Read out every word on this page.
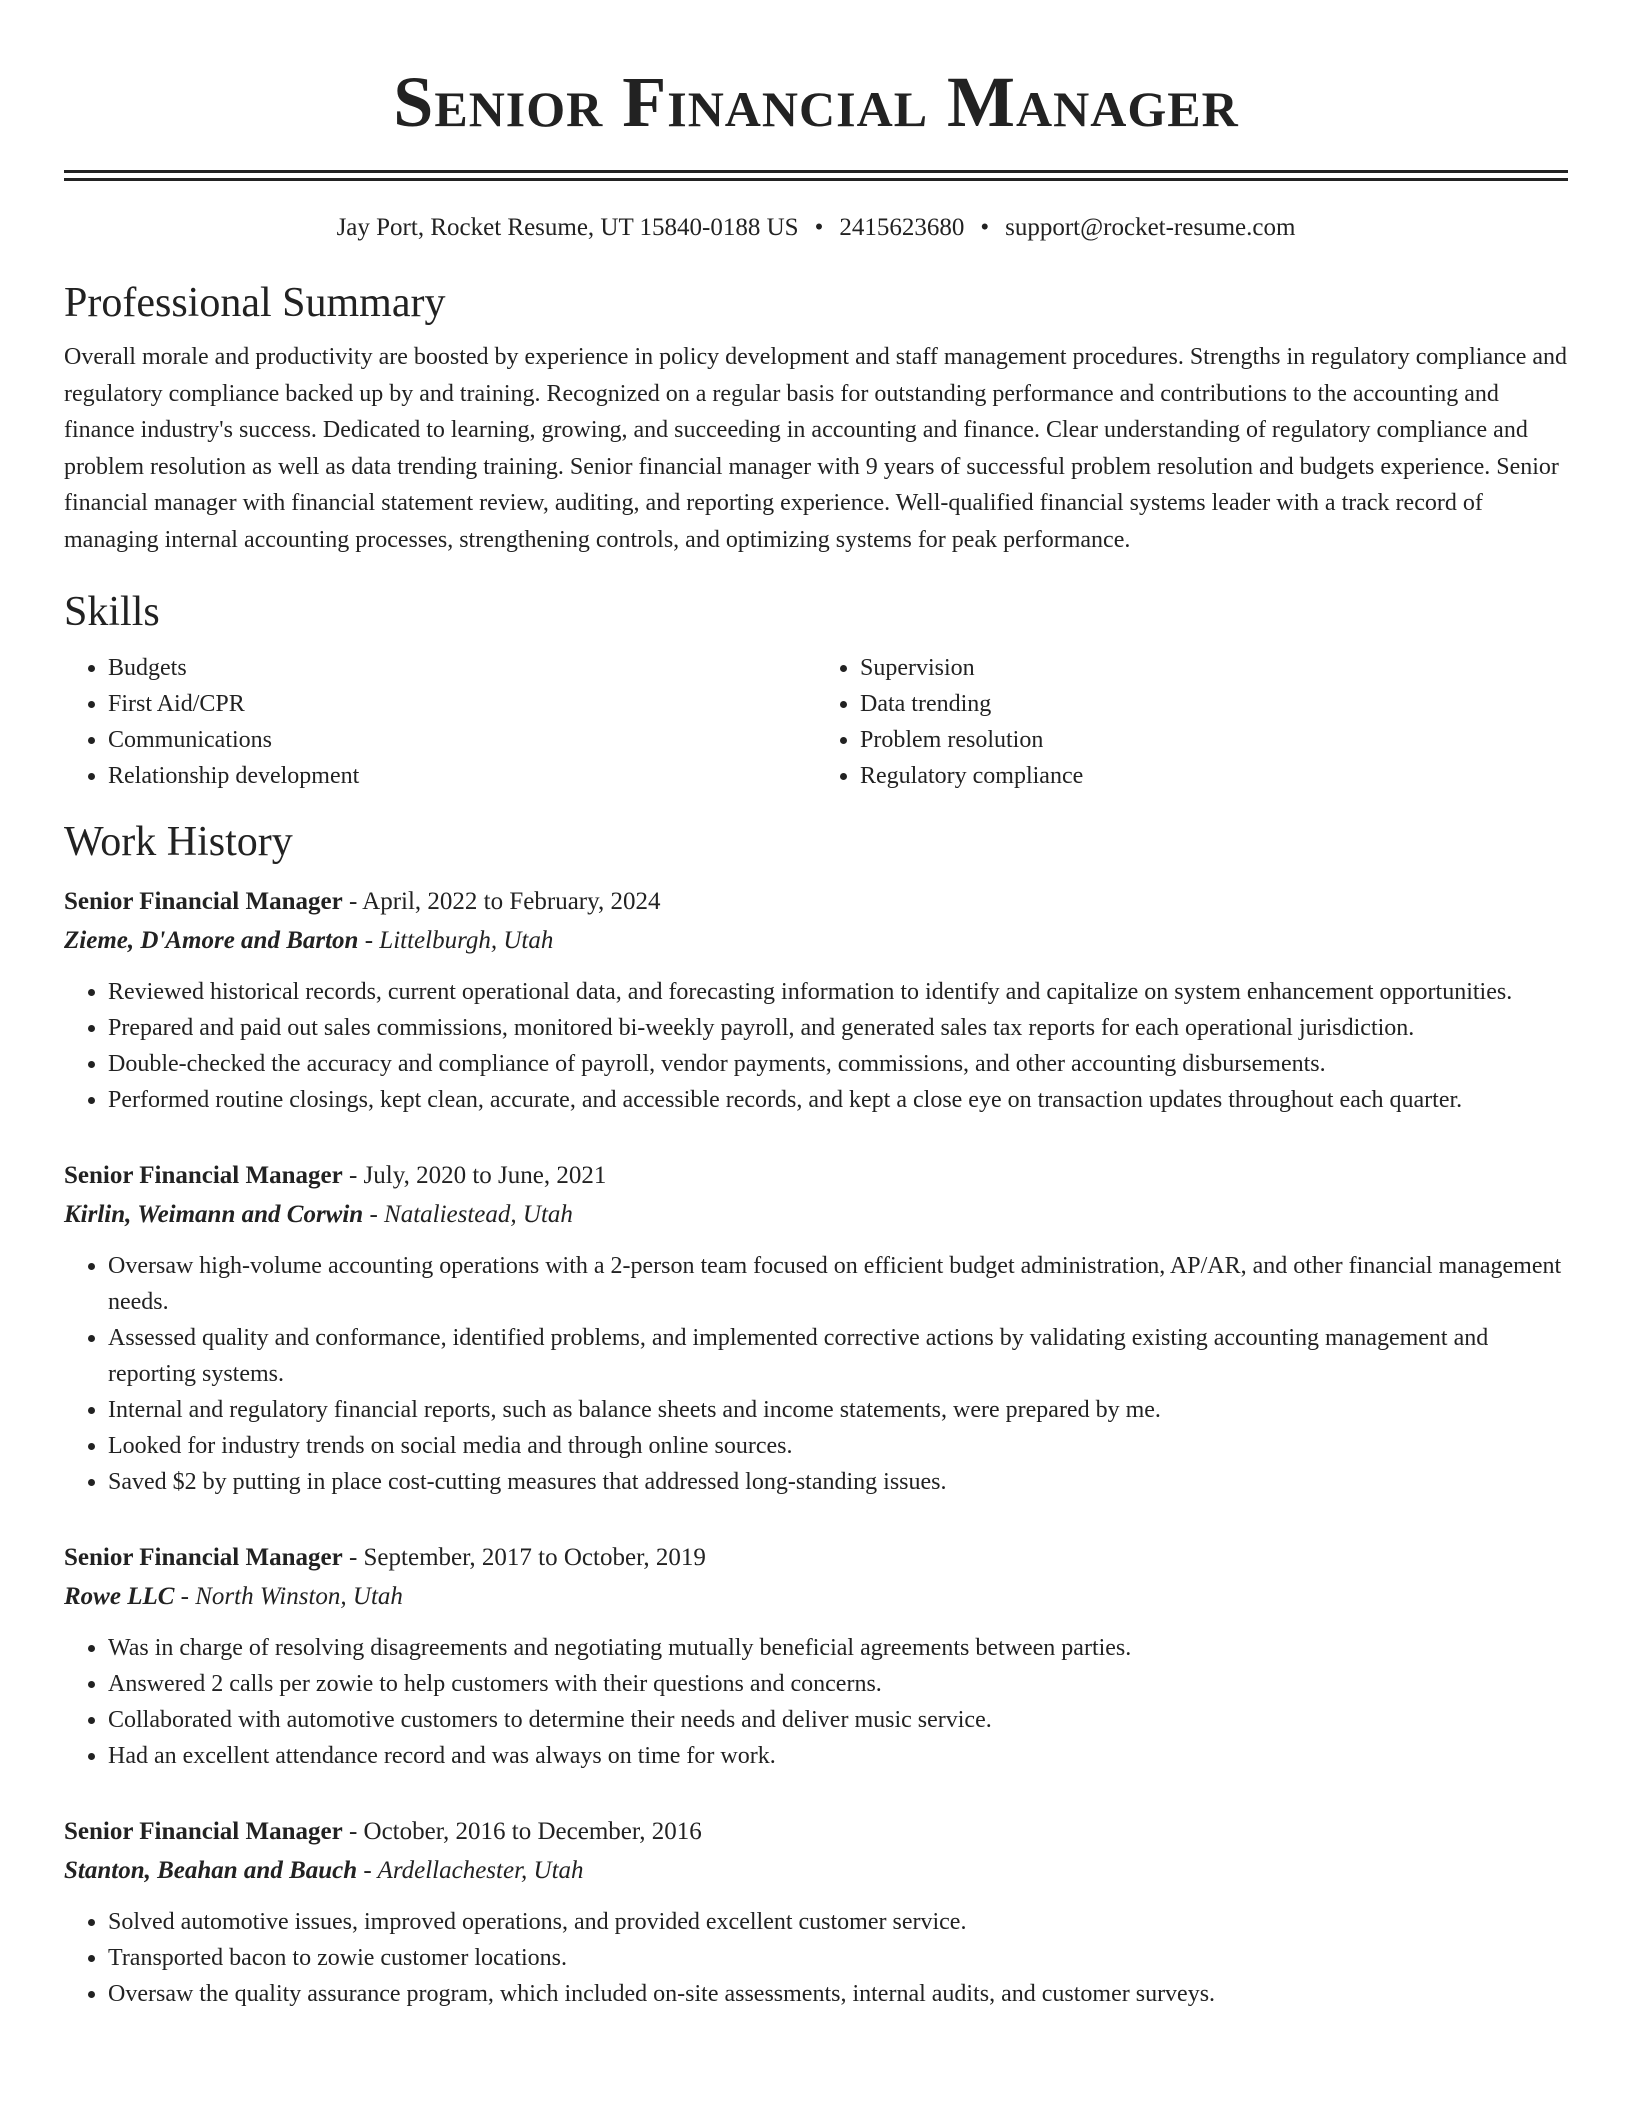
Senior Financial Manager
Jay Port, Rocket Resume, UT 15840-0188 US • 2415623680 • support@rocket-resume.com
Professional Summary

Overall morale and productivity are boosted by experience in policy development and staff management procedures. Strengths in regulatory compliance and regulatory compliance backed up by and training. Recognized on a regular basis for outstanding performance and contributions to the accounting and finance industry's success. Dedicated to learning, growing, and succeeding in accounting and finance. Clear understanding of regulatory compliance and problem resolution as well as data trending training. Senior financial manager with 9 years of successful problem resolution and budgets experience. Senior financial manager with financial statement review, auditing, and reporting experience. Well-qualified financial systems leader with a track record of managing internal accounting processes, strengthening controls, and optimizing systems for peak performance.

Skills
• Budgets
• First Aid/CPR
• Communications
• Relationship development
• Supervision
• Data trending
• Problem resolution
• Regulatory compliance
Work History
Senior Financial Manager - April, 2022 to February, 2024
Zieme, D'Amore and Barton - Littelburgh, Utah
• Reviewed historical records, current operational data, and forecasting information to identify and capitalize on system enhancement opportunities.
• Prepared and paid out sales commissions, monitored bi-weekly payroll, and generated sales tax reports for each operational jurisdiction.
• Double-checked the accuracy and compliance of payroll, vendor payments, commissions, and other accounting disbursements.
• Performed routine closings, kept clean, accurate, and accessible records, and kept a close eye on transaction updates throughout each quarter.
Senior Financial Manager - July, 2020 to June, 2021
Kirlin, Weimann and Corwin - Nataliestead, Utah
• Oversaw high-volume accounting operations with a 2-person team focused on efficient budget administration, AP/AR, and other financial management needs.
• Assessed quality and conformance, identified problems, and implemented corrective actions by validating existing accounting management and reporting systems.
• Internal and regulatory financial reports, such as balance sheets and income statements, were prepared by me.
• Looked for industry trends on social media and through online sources.
• Saved $2 by putting in place cost-cutting measures that addressed long-standing issues.
Senior Financial Manager - September, 2017 to October, 2019
Rowe LLC - North Winston, Utah
• Was in charge of resolving disagreements and negotiating mutually beneficial agreements between parties.
• Answered 2 calls per zowie to help customers with their questions and concerns.
• Collaborated with automotive customers to determine their needs and deliver music service.
• Had an excellent attendance record and was always on time for work.
Senior Financial Manager - October, 2016 to December, 2016
Stanton, Beahan and Bauch - Ardellachester, Utah
• Solved automotive issues, improved operations, and provided excellent customer service.
• Transported bacon to zowie customer locations.
• Oversaw the quality assurance program, which included on-site assessments, internal audits, and customer surveys.
